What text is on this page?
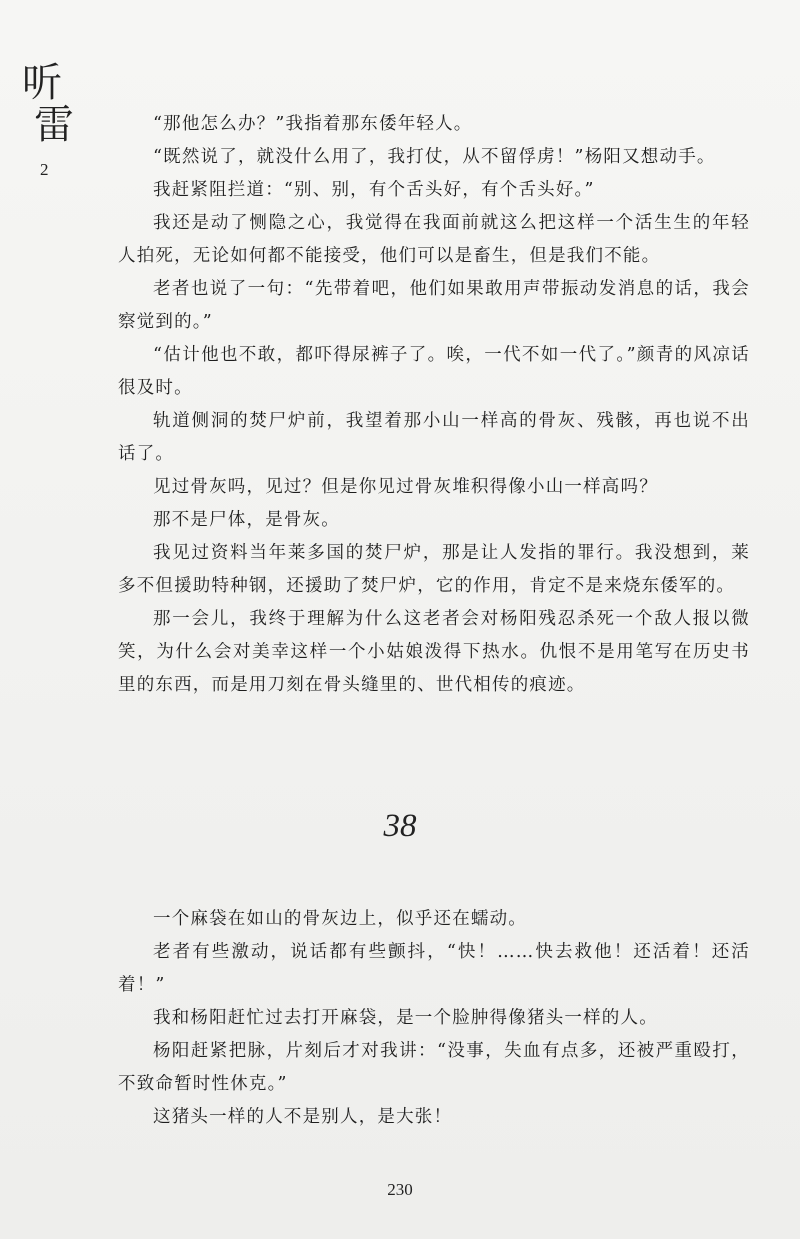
听
雷
2

“那他怎么办？”我指着那东倭年轻人。

“既然说了，就没什么用了，我打仗，从不留俘虏！”杨阳又想动手。

我赶紧阻拦道：“别、别，有个舌头好，有个舌头好。”

我还是动了恻隐之心，我觉得在我面前就这么把这样一个活生生的年轻人拍死，无论如何都不能接受，他们可以是畜生，但是我们不能。

老者也说了一句：“先带着吧，他们如果敢用声带振动发消息的话，我会察觉到的。”

“估计他也不敢，都吓得尿裤子了。唉，一代不如一代了。”颜青的风凉话很及时。

轨道侧洞的焚尸炉前，我望着那小山一样高的骨灰、残骸，再也说不出话了。

见过骨灰吗，见过？但是你见过骨灰堆积得像小山一样高吗？

那不是尸体，是骨灰。

我见过资料当年莱多国的焚尸炉，那是让人发指的罪行。我没想到，莱多不但援助特种钢，还援助了焚尸炉，它的作用，肯定不是来烧东倭军的。

那一会儿，我终于理解为什么这老者会对杨阳残忍杀死一个敌人报以微笑，为什么会对美幸这样一个小姑娘泼得下热水。仇恨不是用笔写在历史书里的东西，而是用刀刻在骨头缝里的、世代相传的痕迹。

38

一个麻袋在如山的骨灰边上，似乎还在蠕动。

老者有些激动，说话都有些颤抖，“快！……快去救他！还活着！还活着！”

我和杨阳赶忙过去打开麻袋，是一个脸肿得像猪头一样的人。

杨阳赶紧把脉，片刻后才对我讲：“没事，失血有点多，还被严重殴打，不致命暂时性休克。”

这猪头一样的人不是别人，是大张！

230
